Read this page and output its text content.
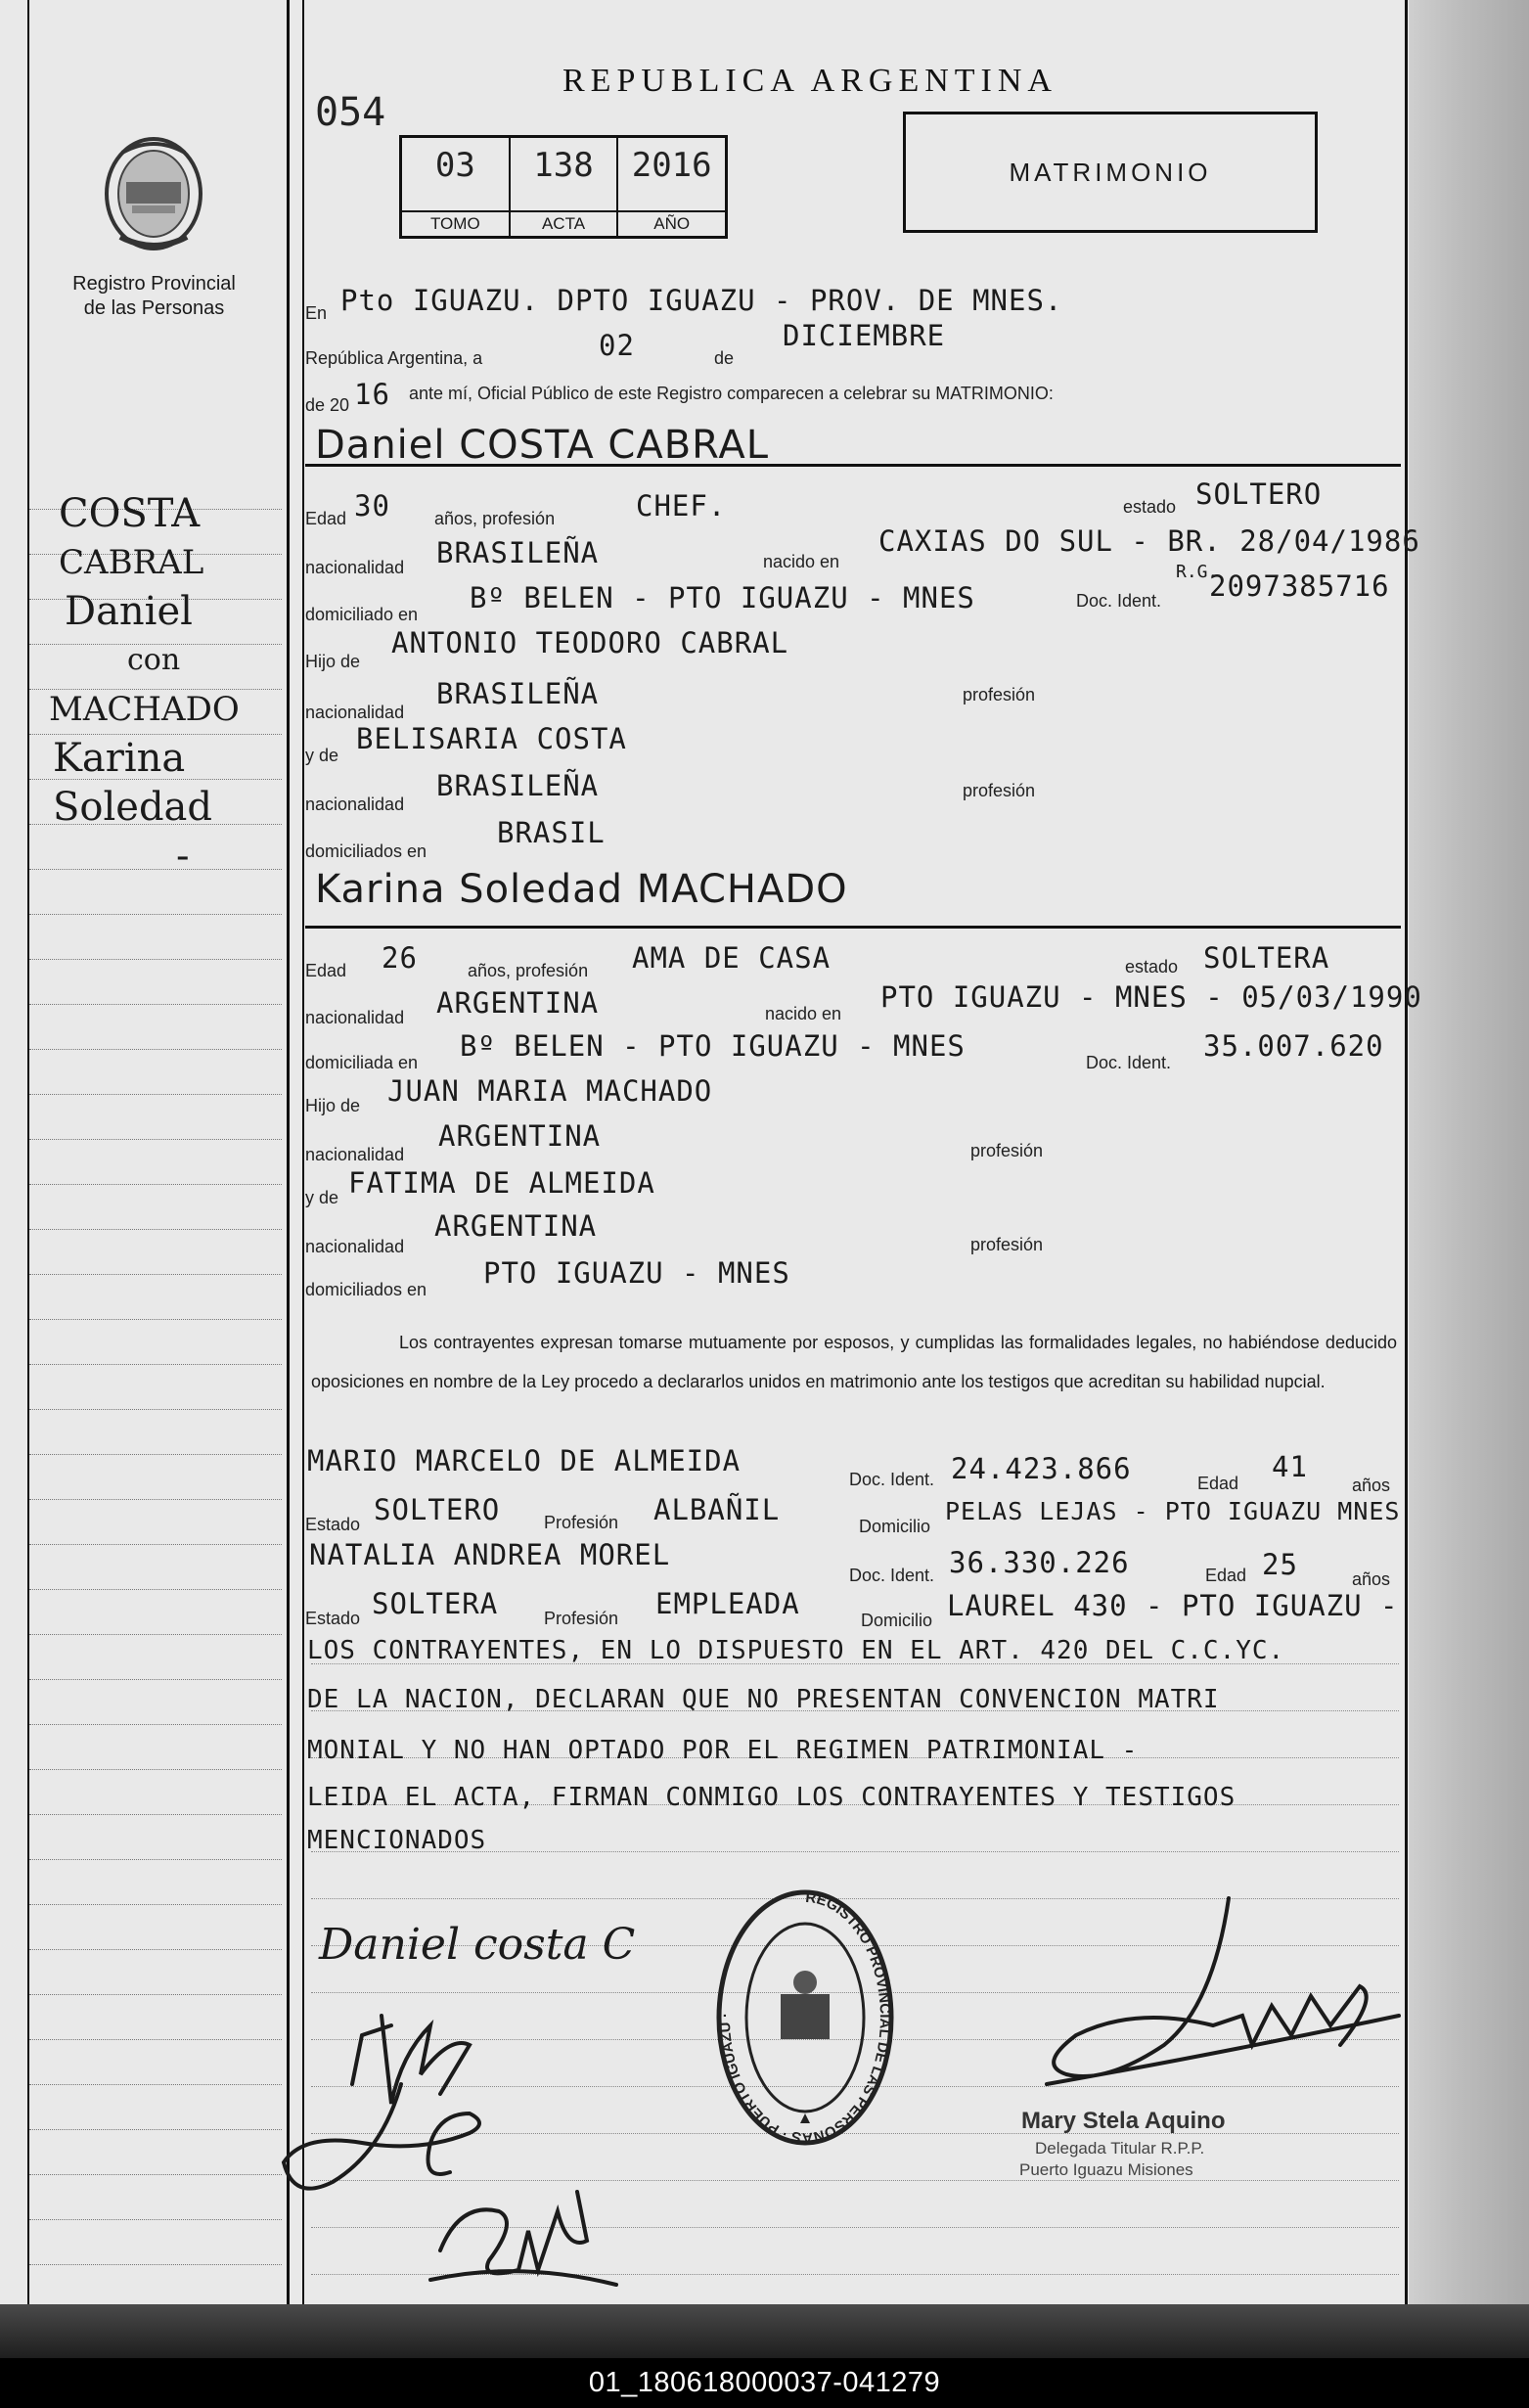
054
REPUBLICA ARGENTINA
03
TOMO
138
ACTA
2016
AÑO
MATRIMONIO
Registro Provincial
de las Personas
COSTA
CABRAL
Daniel
con
MACHADO
Karina
Soledad
-
En Pto IGUAZU. DPTO IGUAZU - PROV. DE MNES.
República Argentina, a	02	de
DICIEMBRE
de 20 16 ante mí, Oficial Público de este Registro comparecen a celebrar su MATRIMONIO:
Daniel COSTA CABRAL
Edad 30	años, profesión	CHEF.	estado SOLTERO
nacionalidad BRASILEÑA	nacido en
CAXIAS DO SUL - BR. 28/04/1986
domiciliado en Bº BELEN - PTO IGUAZU - MNES	Doc. Ident.
R.G.
2097385716
Hijo de
ANTONIO TEODORO CABRAL
nacionalidad
BRASILEÑA	profesión
y de BELISARIA COSTA
nacionalidad
BRASILEÑA	profesión
domiciliados en
BRASIL
Karina Soledad MACHADO
Edad 26	años, profesión AMA DE CASA	estado SOLTERA
nacionalidad ARGENTINA	nacido en PTO IGUAZU - MNES - 05/03/1990
domiciliada en Bº BELEN - PTO IGUAZU - MNES	Doc. Ident. 35.007.620
Hijo de JUAN MARIA MACHADO
nacionalidad
ARGENTINA	profesión
y de FATIMA DE ALMEIDA
nacionalidad
ARGENTINA
profesión
domiciliados en PTO IGUAZU - MNES
Los contrayentes expresan tomarse mutuamente por esposos, y cumplidas las formalidades legales, no habiéndose deducido oposiciones en nombre de la Ley procedo a declararlos unidos en matrimonio ante los testigos que acreditan su habilidad nupcial.
MARIO MARCELO DE ALMEIDA
Doc. Ident. 24.423.866	Edad 41
años
Estado SOLTERO Profesión ALBAÑIL	Domicilio
PELAS LEJAS - PTO IGUAZU MNES
NATALIA ANDREA MOREL
Doc. Ident. 36.330.226	Edad 25	años
Estado SOLTERA	Profesión EMPLEADA	Domicilio LAUREL 430 - PTO IGUAZU -
LOS CONTRAYENTES, EN LO DISPUESTO EN EL ART. 420 DEL C.C.YC.
DE LA NACION, DECLARAN QUE NO PRESENTAN CONVENCION MATRI
MONIAL Y NO HAN OPTADO POR EL REGIMEN PATRIMONIAL -
LEIDA EL ACTA, FIRMAN CONMIGO LOS CONTRAYENTES Y TESTIGOS
MENCIONADOS
Daniel costa C
REGISTRO PROVINCIAL DE LAS PERSONAS · PUERTO IGUAZU ·
Mary Stela Aquino
Delegada Titular R.P.P.
Puerto Iguazu Misiones
01_180618000037-041279
